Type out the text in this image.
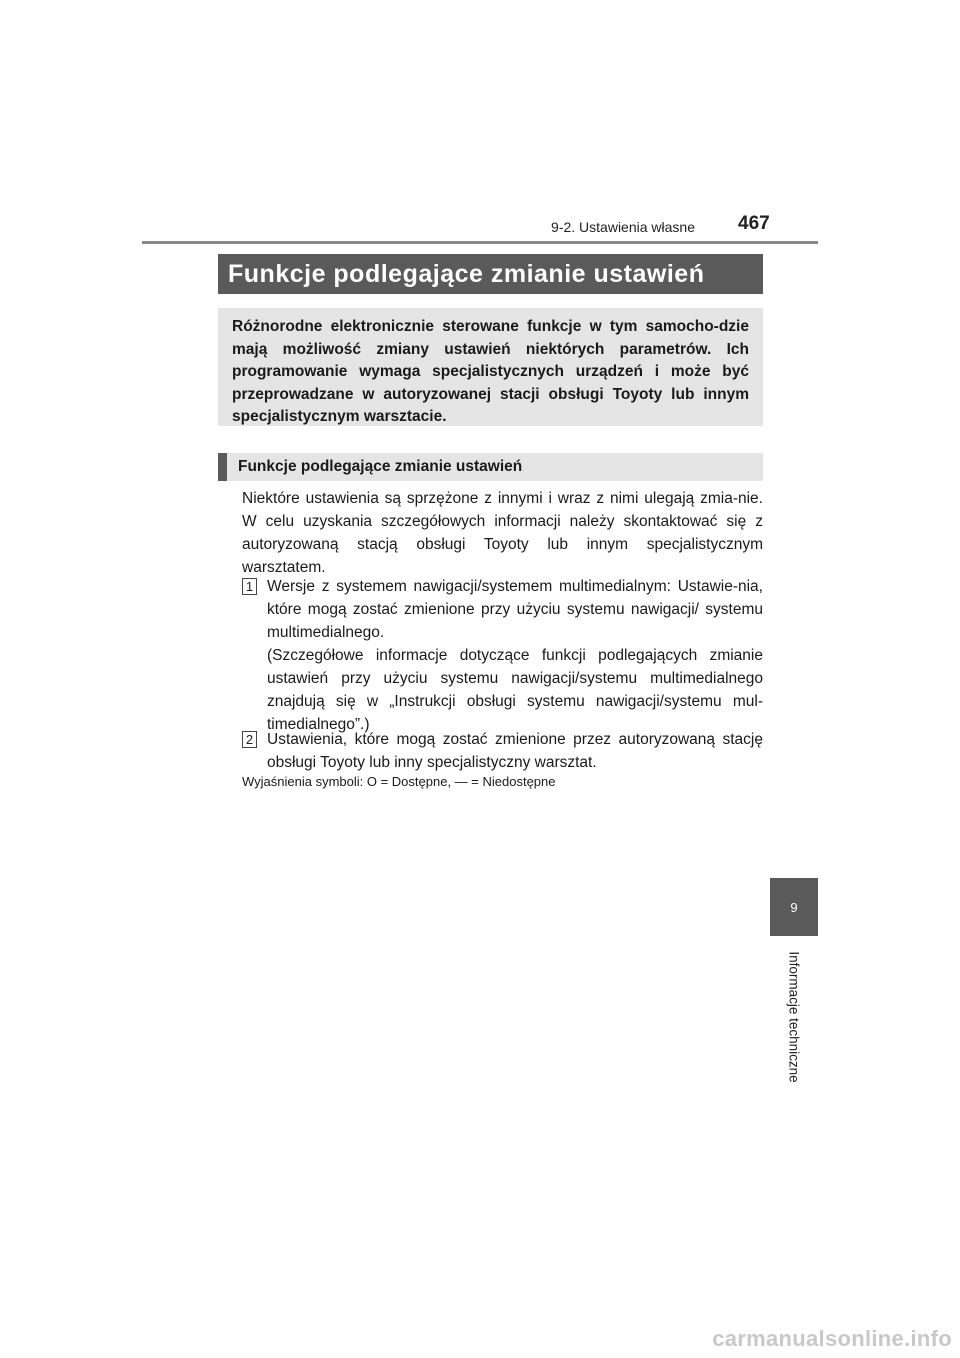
9-2. Ustawienia własne 467
Funkcje podlegające zmianie ustawień

Różnorodne elektronicznie sterowane funkcje w tym samocho-dzie mają możliwość zmiany ustawień niektórych parametrów. Ich programowanie wymaga specjalistycznych urządzeń i może być przeprowadzane w autoryzowanej stacji obsługi Toyoty lub innym specjalistycznym warsztacie.

Funkcje podlegające zmianie ustawień

Niektóre ustawienia są sprzężone z innymi i wraz z nimi ulegają zmia-nie. W celu uzyskania szczegółowych informacji należy skontaktować się z autoryzowaną stacją obsługi Toyoty lub innym specjalistycznym warsztatem.

1 Wersje z systemem nawigacji/systemem multimedialnym: Ustawie-nia, które mogą zostać zmienione przy użyciu systemu nawigacji/ systemu multimedialnego.

(Szczegółowe informacje dotyczące funkcji podlegających zmianie ustawień przy użyciu systemu nawigacji/systemu multimedialnego znajdują się w „Instrukcji obsługi systemu nawigacji/systemu mul-timedialnego”.)

2 Ustawienia, które mogą zostać zmienione przez autoryzowaną stację obsługi Toyoty lub inny specjalistyczny warsztat.

Wyjaśnienia symboli: O = Dostępne, — = Niedostępne
9
Informacje techniczne
carmanualsonline.info
